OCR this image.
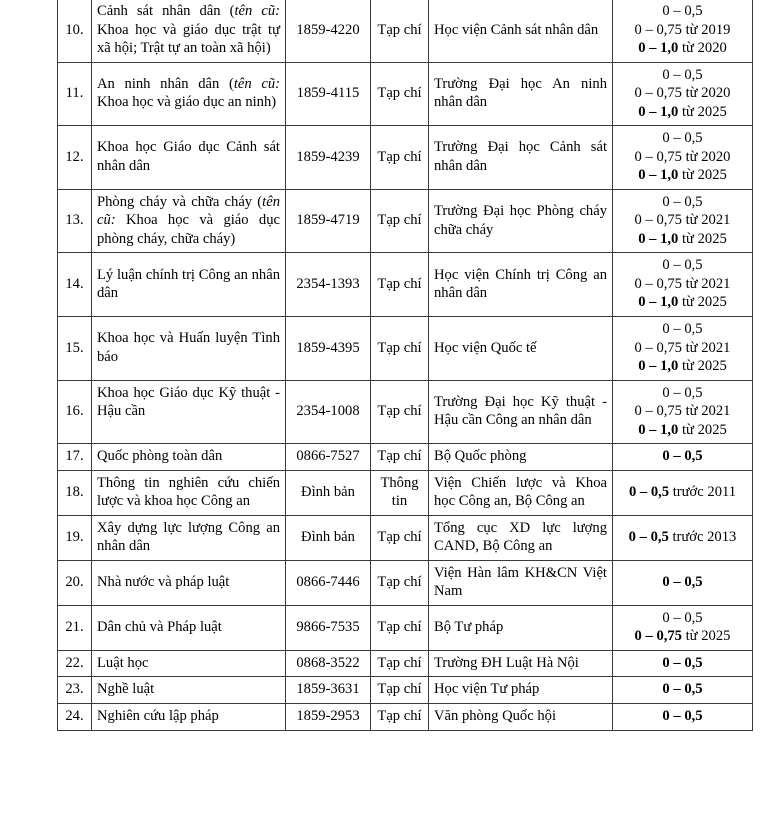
10.	Cảnh sát nhân dân (tên cũ: Khoa học và giáo dục trật tự xã hội; Trật tự an toàn xã hội)	1859-4220	Tạp chí	Học viện Cảnh sát nhân dân	0 – 0,5
0 – 0,75 từ 2019
0 – 1,0 từ 2020

11.	An ninh nhân dân (tên cũ: Khoa học và giáo dục an ninh)	1859-4115	Tạp chí	Trường Đại học An ninh nhân dân	0 – 0,5
0 – 0,75 từ 2020
0 – 1,0 từ 2025

12.	Khoa học Giáo dục Cảnh sát nhân dân	1859-4239	Tạp chí	Trường Đại học Cảnh sát nhân dân	0 – 0,5
0 – 0,75 từ 2020
0 – 1,0 từ 2025

13.	Phòng cháy và chữa cháy (tên cũ: Khoa học và giáo dục phòng cháy, chữa cháy)	1859-4719	Tạp chí	Trường Đại học Phòng cháy chữa cháy	0 – 0,5
0 – 0,75 từ 2021
0 – 1,0 từ 2025

14.	Lý luận chính trị Công an nhân dân	2354-1393	Tạp chí	Học viện Chính trị Công an nhân dân	0 – 0,5
0 – 0,75 từ 2021
0 – 1,0 từ 2025

15.	Khoa học và Huấn luyện Tình báo	1859-4395	Tạp chí	Học viện Quốc tế	0 – 0,5
0 – 0,75 từ 2021
0 – 1,0 từ 2025

16.	Khoa học Giáo dục Kỹ thuật - Hậu cần	2354-1008	Tạp chí	Trường Đại học Kỹ thuật - Hậu cần Công an nhân dân	0 – 0,5
0 – 0,75 từ 2021
0 – 1,0 từ 2025

17.	Quốc phòng toàn dân	0866-7527	Tạp chí	Bộ Quốc phòng	0 – 0,5

18.	Thông tin nghiên cứu chiến lược và khoa học Công an	Đình bản	Thông tin	Viện Chiến lược và Khoa học Công an, Bộ Công an	0 – 0,5 trước 2011

19.	Xây dựng lực lượng Công an nhân dân	Đình bản	Tạp chí	Tổng cục XD lực lượng CAND, Bộ Công an	0 – 0,5 trước 2013

20.	Nhà nước và pháp luật	0866-7446	Tạp chí	Viện Hàn lâm KH&CN Việt Nam	0 – 0,5

21.	Dân chủ và Pháp luật	9866-7535	Tạp chí	Bộ Tư pháp	0 – 0,5
0 – 0,75 từ 2025

22.	Luật học	0868-3522	Tạp chí	Trường ĐH Luật Hà Nội	0 – 0,5

23.	Nghề luật	1859-3631	Tạp chí	Học viện Tư pháp	0 – 0,5

24.	Nghiên cứu lập pháp	1859-2953	Tạp chí	Văn phòng Quốc hội	0 – 0,5
